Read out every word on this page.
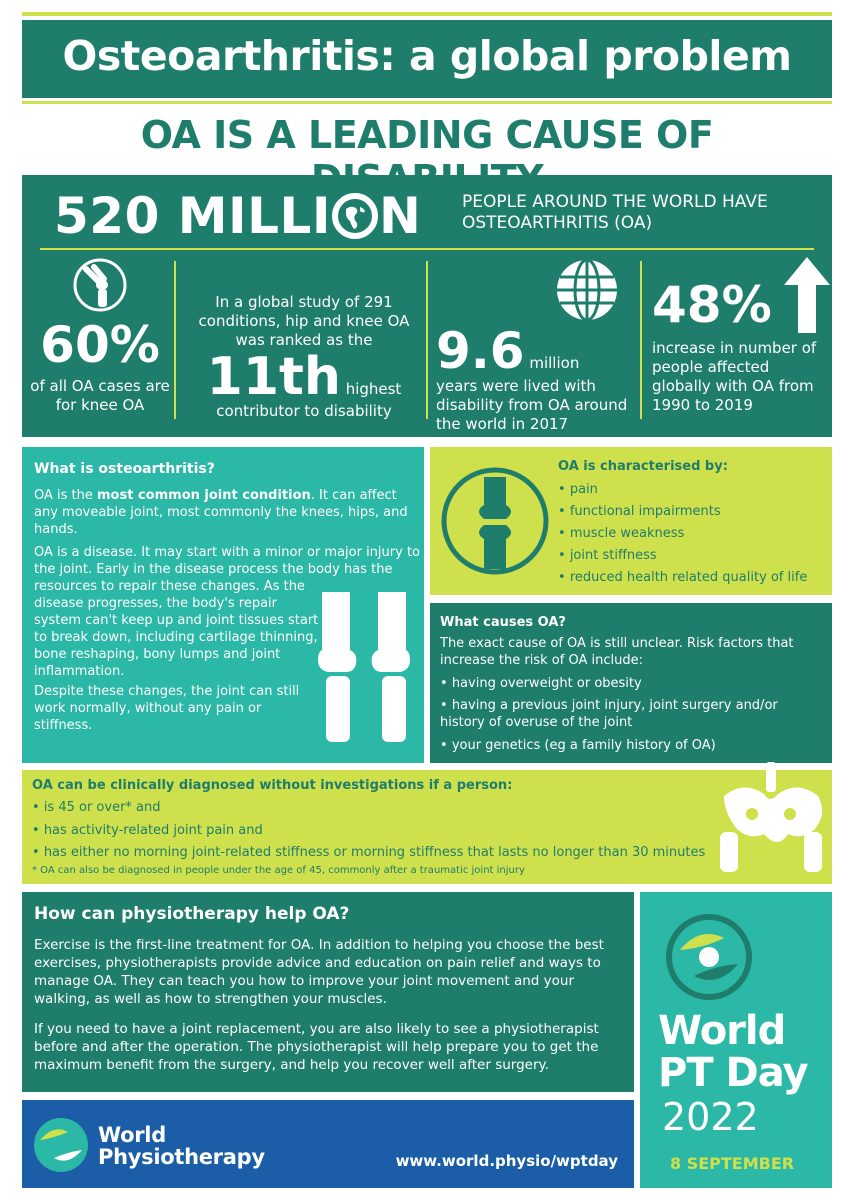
Osteoarthritis: a global problem
OA IS A LEADING CAUSE OF
520 MILLI N PEOPLE AROUND THE WORLD HAVE OSTEOARTHRITIS (OA)
60%
of all OA cases are for knee OA
In a global study of 291 conditions, hip and knee OA was ranked as the
11th highest
contributor to disability
9.6 million
years were lived with disability from OA around the world in 2017
48%
increase in number of people affected globally with OA from 1990 to 2019
What is osteoarthritis?
OA is the most common joint condition. It can affect any moveable joint, most commonly the knees, hips, and hands.
OA is a disease. It may start with a minor or major injury to the joint. Early in the disease process the body has the resources to repair these changes. As the
disease progresses, the body's repair system can't keep up and joint tissues start to break down, including cartilage thinning, bone reshaping, bony lumps and joint inflammation.
Despite these changes, the joint can still work normally, without any pain or stiffness.
OA is characterised by:
• pain
• functional impairments
• muscle weakness
• joint stiffness
• reduced health related quality of life
What causes OA?
The exact cause of OA is still unclear. Risk factors that increase the risk of OA include:
• having overweight or obesity
• having a previous joint injury, joint surgery and/or history of overuse of the joint
• your genetics (eg a family history of OA)
OA can be clinically diagnosed without investigations if a person:
• is 45 or over* and
• has activity-related joint pain and
• has either no morning joint-related stiffness or morning stiffness that lasts no longer than 30 minutes
* OA can also be diagnosed in people under the age of 45, commonly after a traumatic joint injury
How can physiotherapy help OA?
Exercise is the first-line treatment for OA. In addition to helping you choose the best exercises, physiotherapists provide advice and education on pain relief and ways to manage OA. They can teach you how to improve your joint movement and your walking, as well as how to strengthen your muscles.
If you need to have a joint replacement, you are also likely to see a physiotherapist before and after the operation. The physiotherapist will help prepare you to get the maximum benefit from the surgery, and help you recover well after surgery.
World
Physiotherapy	www.world.physio/wptday
World
PT Day
2022
8 SEPTEMBER
